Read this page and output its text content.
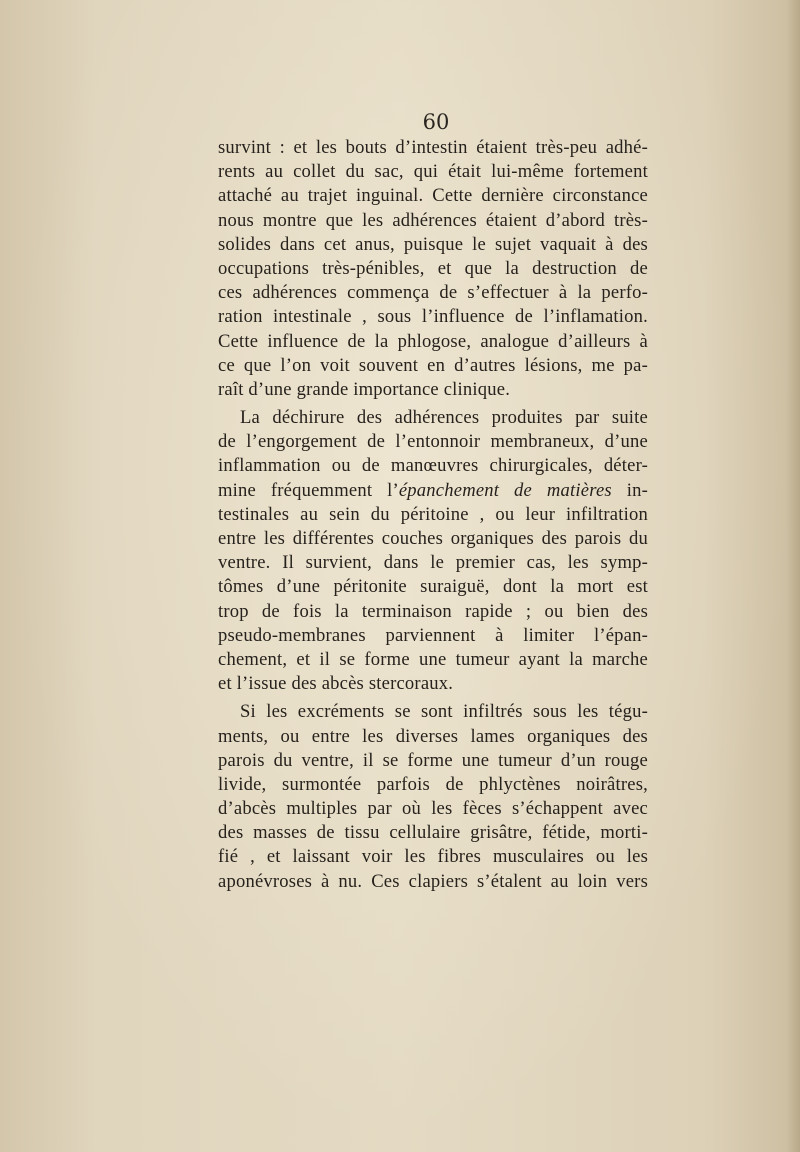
60
survint : et les bouts d’intestin étaient très-peu adhé-
rents au collet du sac, qui était lui-même fortement
attaché au trajet inguinal. Cette dernière circonstance
nous montre que les adhérences étaient d’abord très-
solides dans cet anus, puisque le sujet vaquait à des
occupations très-pénibles, et que la destruction de
ces adhérences commença de s’effectuer à la perfo-
ration intestinale , sous l’influence de l’inflamation.
Cette influence de la phlogose, analogue d’ailleurs à
ce que l’on voit souvent en d’autres lésions, me pa-
raît d’une grande importance clinique.
La déchirure des adhérences produites par suite
de l’engorgement de l’entonnoir membraneux, d’une
inflammation ou de manœuvres chirurgicales, déter-
mine fréquemment l’épanchement de matières in-
testinales au sein du péritoine , ou leur infiltration
entre les différentes couches organiques des parois du
ventre. Il survient, dans le premier cas, les symp-
tômes d’une péritonite suraiguë, dont la mort est
trop de fois la terminaison rapide ; ou bien des
pseudo-membranes parviennent à limiter l’épan-
chement, et il se forme une tumeur ayant la marche
et l’issue des abcès stercoraux.
Si les excréments se sont infiltrés sous les tégu-
ments, ou entre les diverses lames organiques des
parois du ventre, il se forme une tumeur d’un rouge
livide, surmontée parfois de phlyctènes noirâtres,
d’abcès multiples par où les fèces s’échappent avec
des masses de tissu cellulaire grisâtre, fétide, morti-
fié , et laissant voir les fibres musculaires ou les
aponévroses à nu. Ces clapiers s’étalent au loin vers
